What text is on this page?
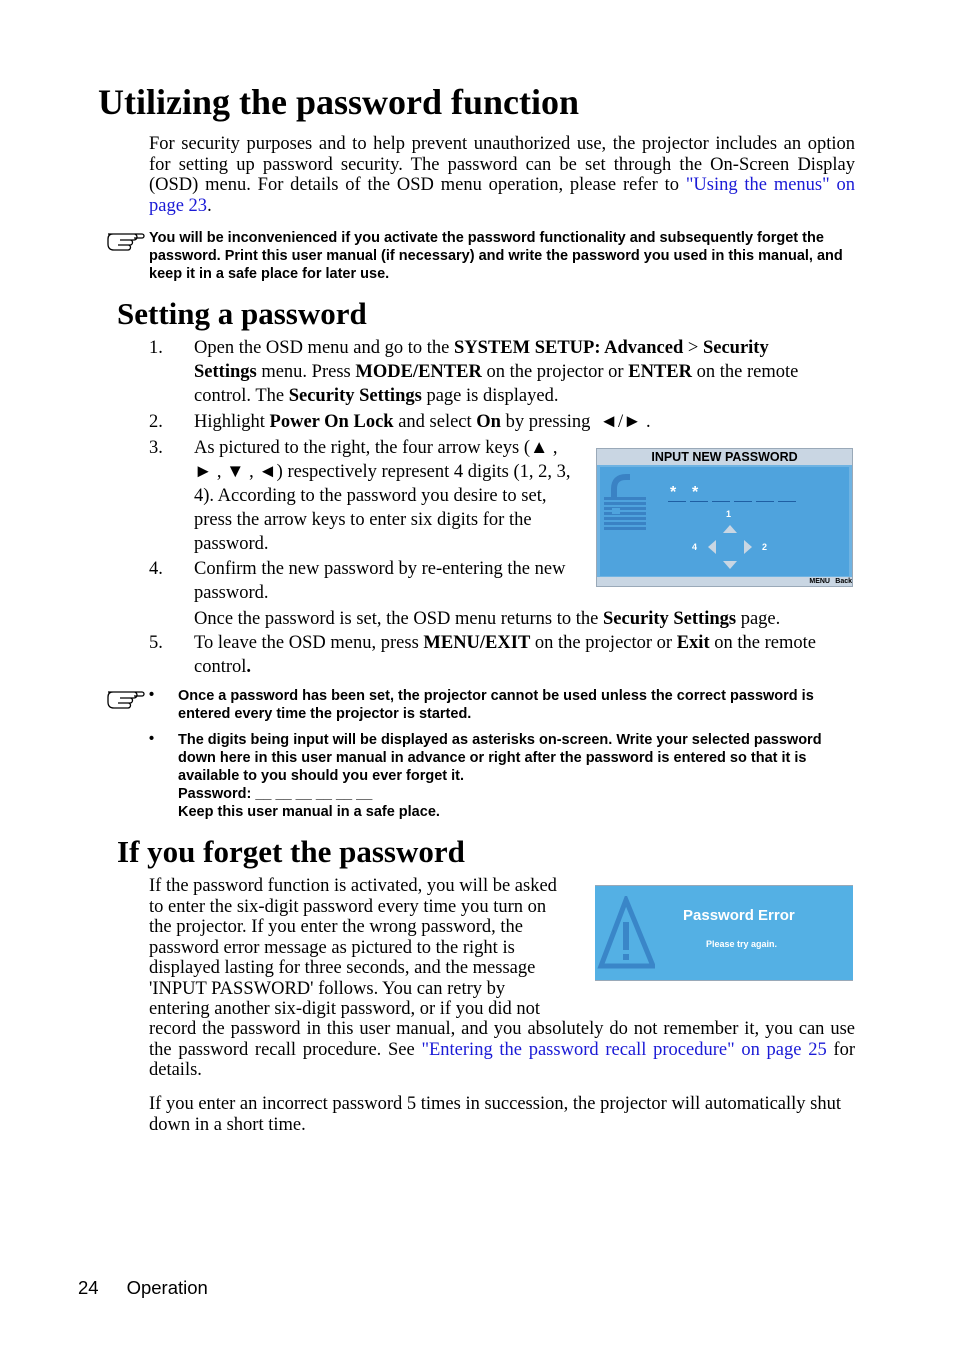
Utilizing the password function
For security purposes and to help prevent unauthorized use, the projector includes an option for setting up password security. The password can be set through the On-Screen Display (OSD) menu. For details of the OSD menu operation, please refer to "Using the menus" on page 23.
You will be inconvenienced if you activate the password functionality and subsequently forget the password. Print this user manual (if necessary) and write the password you used in this manual, and keep it in a safe place for later use.
Setting a password
1.	Open the OSD menu and go to the SYSTEM SETUP: Advanced > Security Settings menu. Press MODE/ENTER on the projector or ENTER on the remote control. The Security Settings page is displayed.
2.	Highlight Power On Lock and select On by pressing  ◄/► .
3.	As pictured to the right, the four arrow keys (▲ , ► , ▼ , ◄) respectively represent 4 digits (1, 2, 3, 4). According to the password you desire to set, press the arrow keys to enter six digits for the password.
4.	Confirm the new password by re-entering the new password.
Once the password is set, the OSD menu returns to the Security Settings page.
5.	To leave the OSD menu, press MENU/EXIT on the projector or Exit on the remote control.
INPUT NEW PASSWORD
* *
1
2
4
MENU Back
• Once a password has been set, the projector cannot be used unless the correct password is entered every time the projector is started.
• The digits being input will be displayed as asterisks on-screen. Write your selected password down here in this user manual in advance or right after the password is entered so that it is available to you should you ever forget it.
Password: __ __ __ __ __ __
Keep this user manual in a safe place.
If you forget the password
If the password function is activated, you will be asked
to enter the six-digit password every time you turn on
the projector. If you enter the wrong password, the
password error message as pictured to the right is
displayed lasting for three seconds, and the message
'INPUT PASSWORD' follows. You can retry by
entering another six-digit password, or if you did not
record the password in this user manual, and you absolutely do not remember it, you can use the password recall procedure. See "Entering the password recall procedure" on page 25 for details.
If you enter an incorrect password 5 times in succession, the projector will automatically shut down in a short time.
Password Error
Please try again.
24 Operation
